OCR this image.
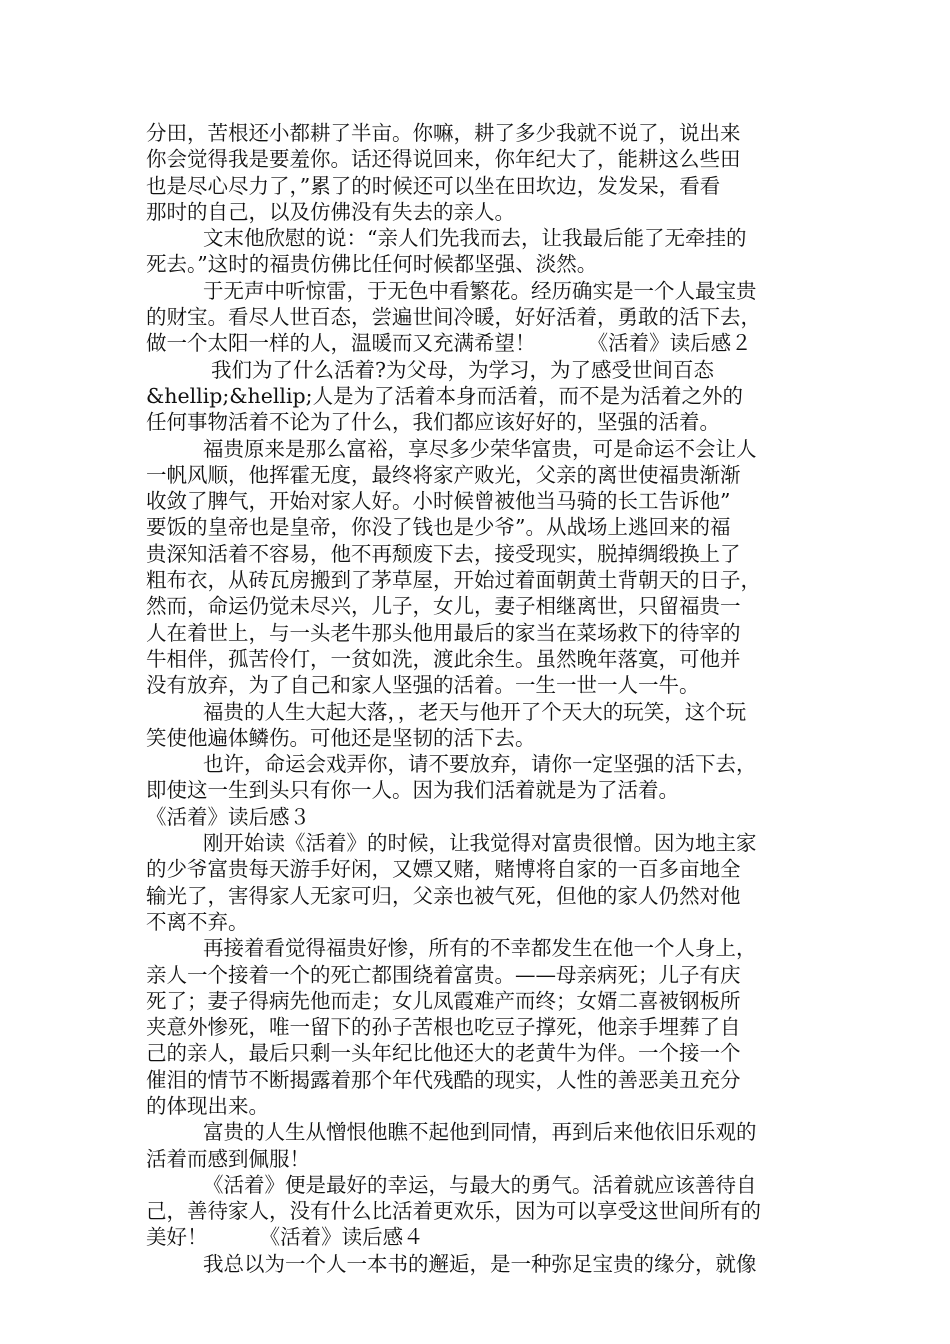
分田，苦根还小都耕了半亩。你嘛，耕了多少我就不说了，说出来
你会觉得我是要羞你。话还得说回来，你年纪大了，能耕这么些田
也是尽心尽力了，”累了的时候还可以坐在田坎边，发发呆，看看
那时的自己，以及仿佛没有失去的亲人。
文末他欣慰的说：“亲人们先我而去，让我最后能了无牵挂的
死去。”这时的福贵仿佛比任何时候都坚强、淡然。
于无声中听惊雷，于无色中看繁花。经历确实是一个人最宝贵
的财宝。看尽人世百态，尝遍世间冷暖，好好活着，勇敢的活下去，
做一个太阳一样的人，温暖而又充满希望！        《活着》读后感２
我们为了什么活着?为父母，为学习，为了感受世间百态
&hellip;&hellip;人是为了活着本身而活着，而不是为活着之外的
任何事物活着不论为了什么，我们都应该好好的，坚强的活着。
福贵原来是那么富裕，享尽多少荣华富贵，可是命运不会让人
一帆风顺，他挥霍无度，最终将家产败光，父亲的离世使福贵渐渐
收敛了脾气，开始对家人好。小时候曾被他当马骑的长工告诉他”
要饭的皇帝也是皇帝，你没了钱也是少爷”。从战场上逃回来的福
贵深知活着不容易，他不再颓废下去，接受现实，脱掉绸缎换上了
粗布衣，从砖瓦房搬到了茅草屋，开始过着面朝黄土背朝天的日子，
然而，命运仍觉未尽兴，儿子，女儿，妻子相继离世，只留福贵一
人在着世上，与一头老牛那头他用最后的家当在菜场救下的待宰的
牛相伴，孤苦伶仃，一贫如洗，渡此余生。虽然晚年落寞，可他并
没有放弃，为了自己和家人坚强的活着。一生一世一人一牛。
福贵的人生大起大落，，老天与他开了个天大的玩笑，这个玩
笑使他遍体鳞伤。可他还是坚韧的活下去。
也许，命运会戏弄你，请不要放弃，请你一定坚强的活下去，
即使这一生到头只有你一人。因为我们活着就是为了活着。
《活着》读后感３
刚开始读《活着》的时候，让我觉得对富贵很憎。因为地主家
的少爷富贵每天游手好闲，又嫖又赌，赌博将自家的一百多亩地全
输光了，害得家人无家可归，父亲也被气死，但他的家人仍然对他
不离不弃。
再接着看觉得福贵好惨，所有的不幸都发生在他一个人身上，
亲人一个接着一个的死亡都围绕着富贵。——母亲病死；儿子有庆
死了；妻子得病先他而走；女儿凤霞难产而终；女婿二喜被钢板所
夹意外惨死，唯一留下的孙子苦根也吃豆子撑死，他亲手埋葬了自
己的亲人，最后只剩一头年纪比他还大的老黄牛为伴。一个接一个
催泪的情节不断揭露着那个年代残酷的现实，人性的善恶美丑充分
的体现出来。
富贵的人生从憎恨他瞧不起他到同情，再到后来他依旧乐观的
活着而感到佩服！
《活着》便是最好的幸运，与最大的勇气。活着就应该善待自
己，善待家人，没有什么比活着更欢乐，因为可以享受这世间所有的
美好！        《活着》读后感４
我总以为一个人一本书的邂逅，是一种弥足宝贵的缘分，就像
